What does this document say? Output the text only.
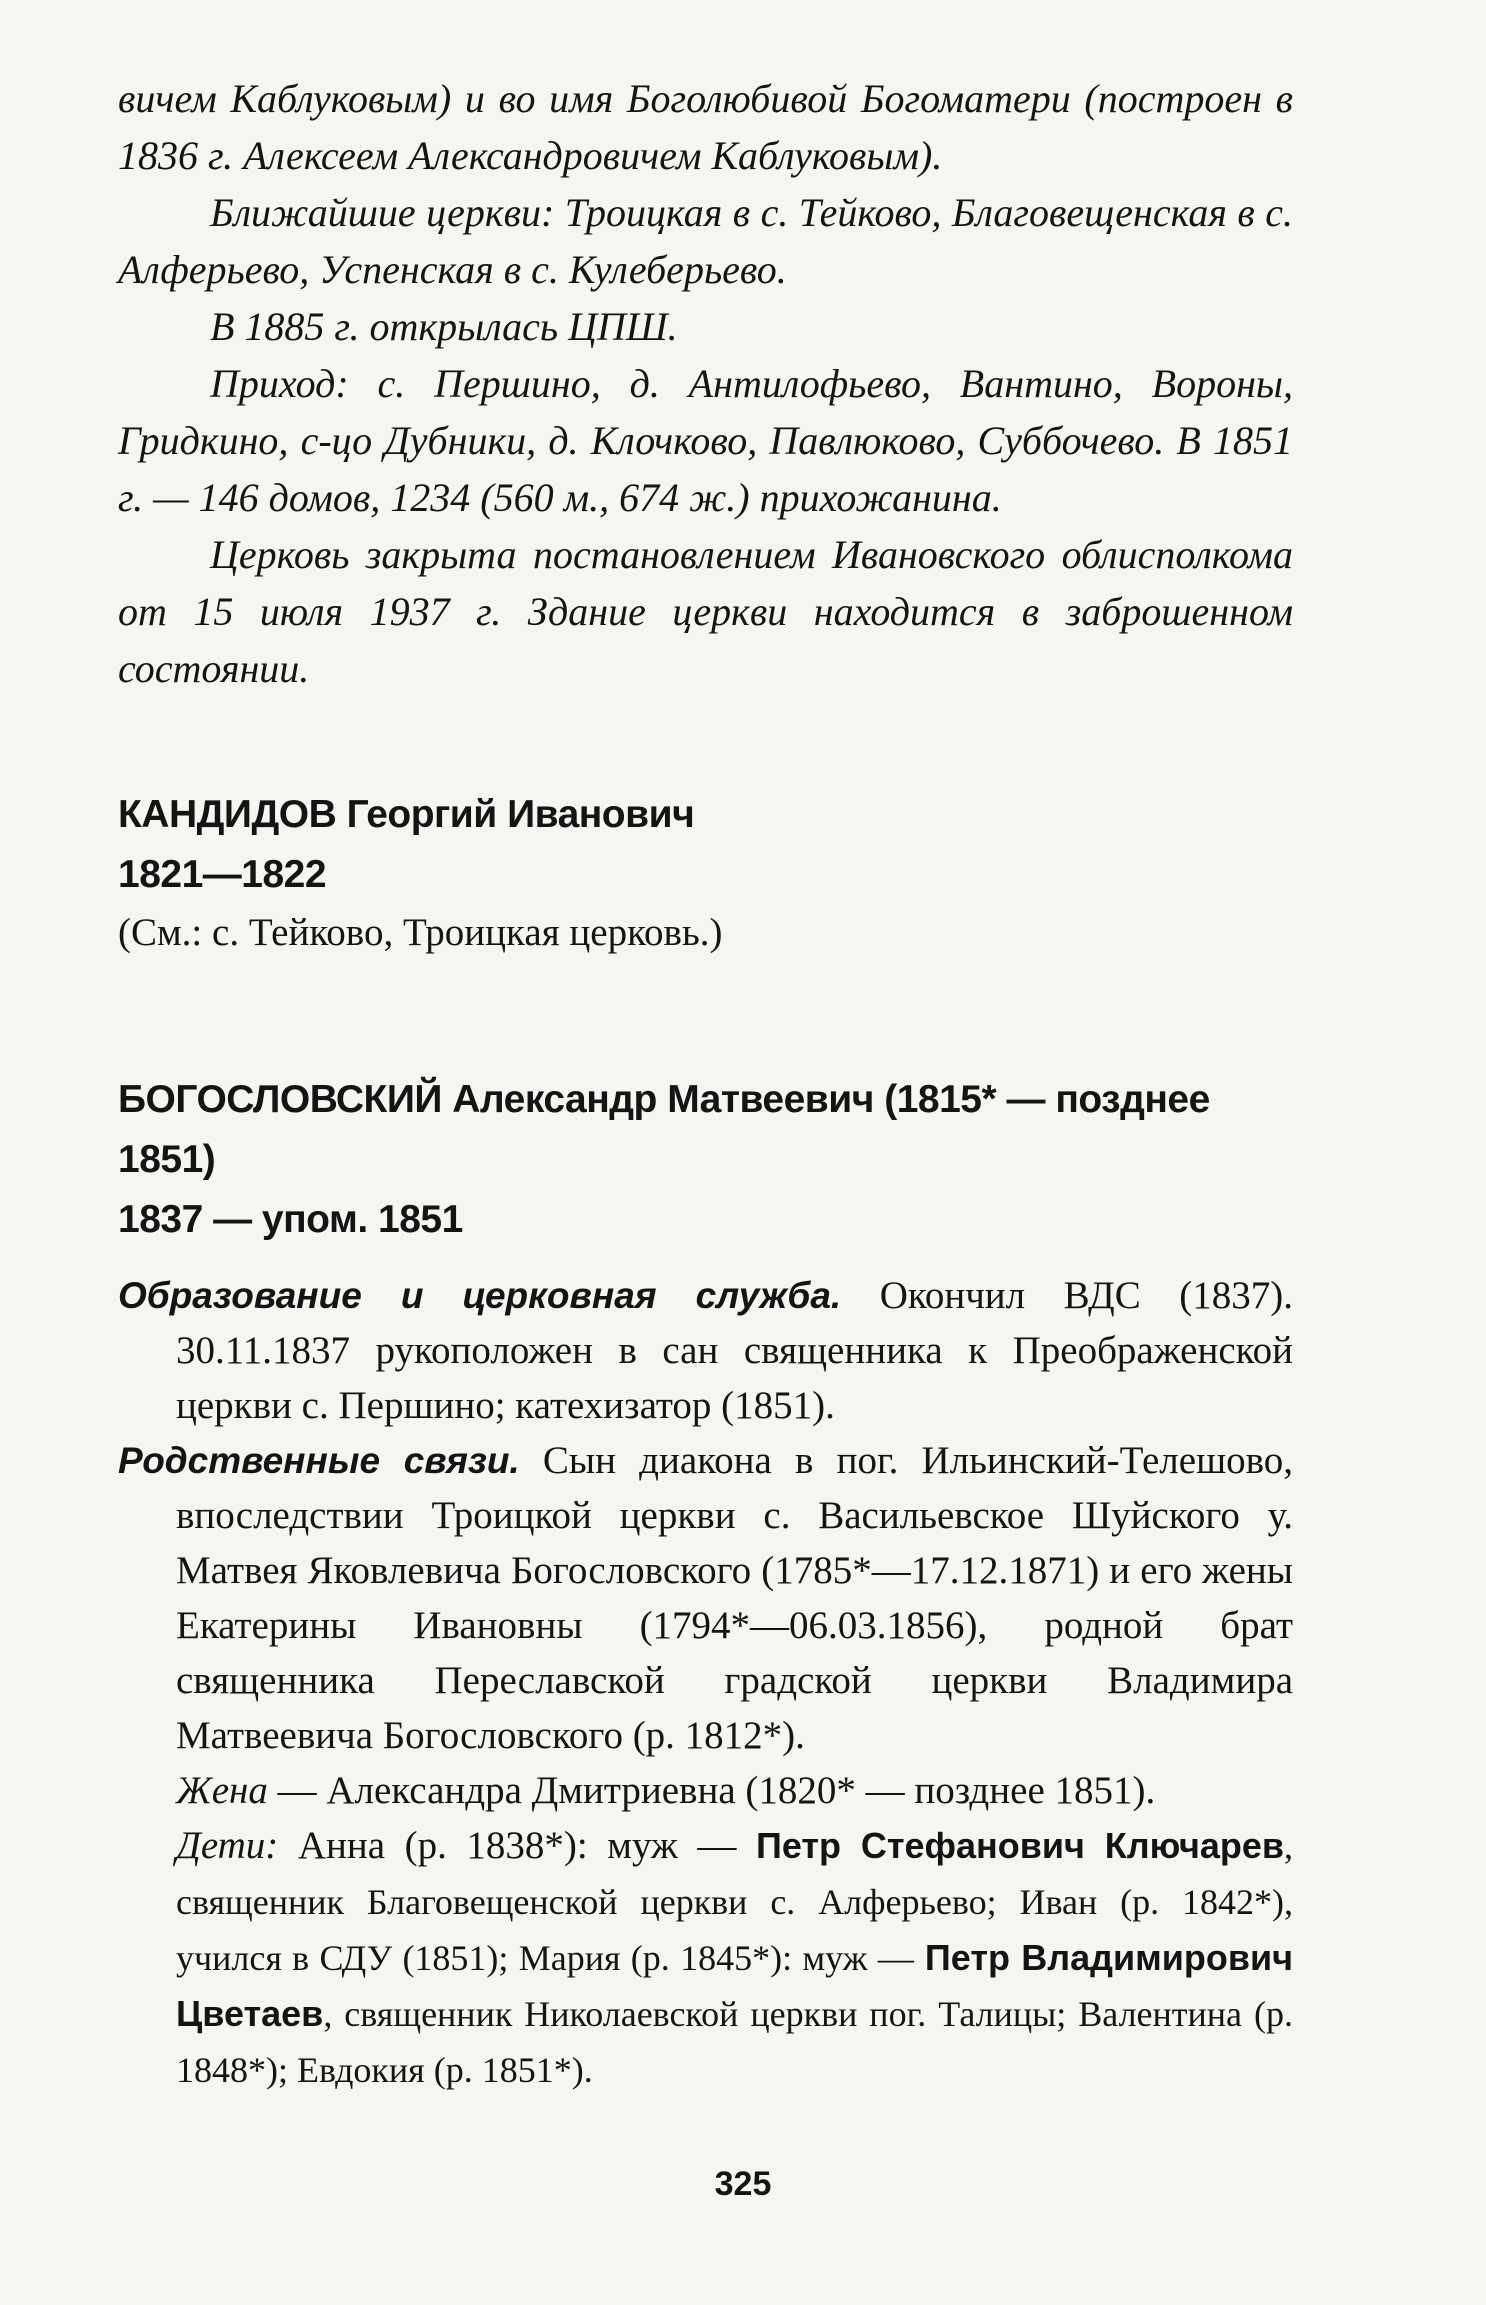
вичем Каблуковым) и во имя Боголюбивой Богоматери (построен в 1836 г. Алексеем Александровичем Каблуковым).

Ближайшие церкви: Троицкая в с. Тейково, Благовещенская в с. Алферьево, Успенская в с. Кулеберьево.

В 1885 г. открылась ЦПШ.

Приход: с. Першино, д. Антилофьево, Вантино, Вороны, Гридкино, с-цо Дубники, д. Клочково, Павлюково, Суббочево. В 1851 г. — 146 домов, 1234 (560 м., 674 ж.) прихожанина.

Церковь закрыта постановлением Ивановского облисполкома от 15 июля 1937 г. Здание церкви находится в заброшенном состоянии.

КАНДИДОВ Георгий Иванович

1821—1822

(См.: с. Тейково, Троицкая церковь.)

БОГОСЛОВСКИЙ Александр Матвеевич (1815* — позднее 1851)

1837 — упом. 1851

Образование и церковная служба. Окончил ВДС (1837). 30.11.1837 рукоположен в сан священника к Преображенской церкви с. Першино; катехизатор (1851).

Родственные связи. Сын диакона в пог. Ильинский-Телешово, впоследствии Троицкой церкви с. Васильевское Шуйского у. Матвея Яковлевича Богословского (1785*—17.12.1871) и его жены Екатерины Ивановны (1794*—06.03.1856), родной брат священника Переславской градской церкви Владимира Матвеевича Богословского (р. 1812*).

Жена — Александра Дмитриевна (1820* — позднее 1851).

Дети: Анна (р. 1838*): муж — Петр Стефанович Ключарев, священник Благовещенской церкви с. Алферьево; Иван (р. 1842*), учился в СДУ (1851); Мария (р. 1845*): муж — Петр Владимирович Цветаев, священник Николаевской церкви пог. Талицы; Валентина (р. 1848*); Евдокия (р. 1851*).

325
